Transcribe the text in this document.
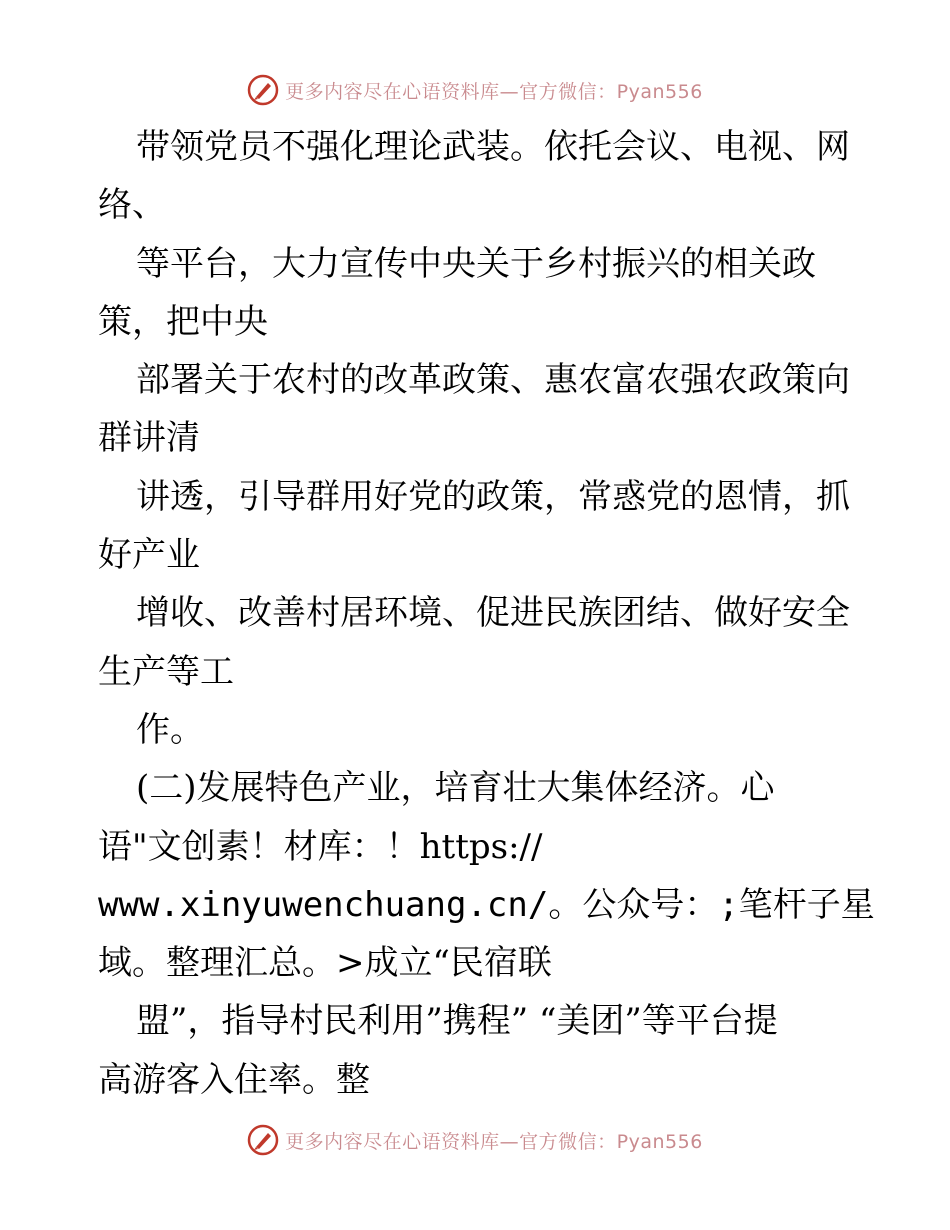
更多内容尽在心语资料库—官方微信：Pyan556
带领党员不强化理论武装。依托会议、电视、网
络、
等平台，大力宣传中央关于乡村振兴的相关政
策，把中央
部署关于农村的改革政策、惠农富农强农政策向
群讲清
讲透，引导群用好党的政策，常惑党的恩情，抓
好产业
增收、改善村居环境、促进民族团结、做好安全
生产等工
作。
(二)发展特色产业，培育壮大集体经济。心
语"文创素！材库：！https://
www.xinyuwenchuang.cn/。公众号：;笔杆子星
域。整理汇总。>成立“民宿联
盟”，指导村民利用”携程” “美团”等平台提
高游客入住率。整
更多内容尽在心语资料库—官方微信：Pyan556
